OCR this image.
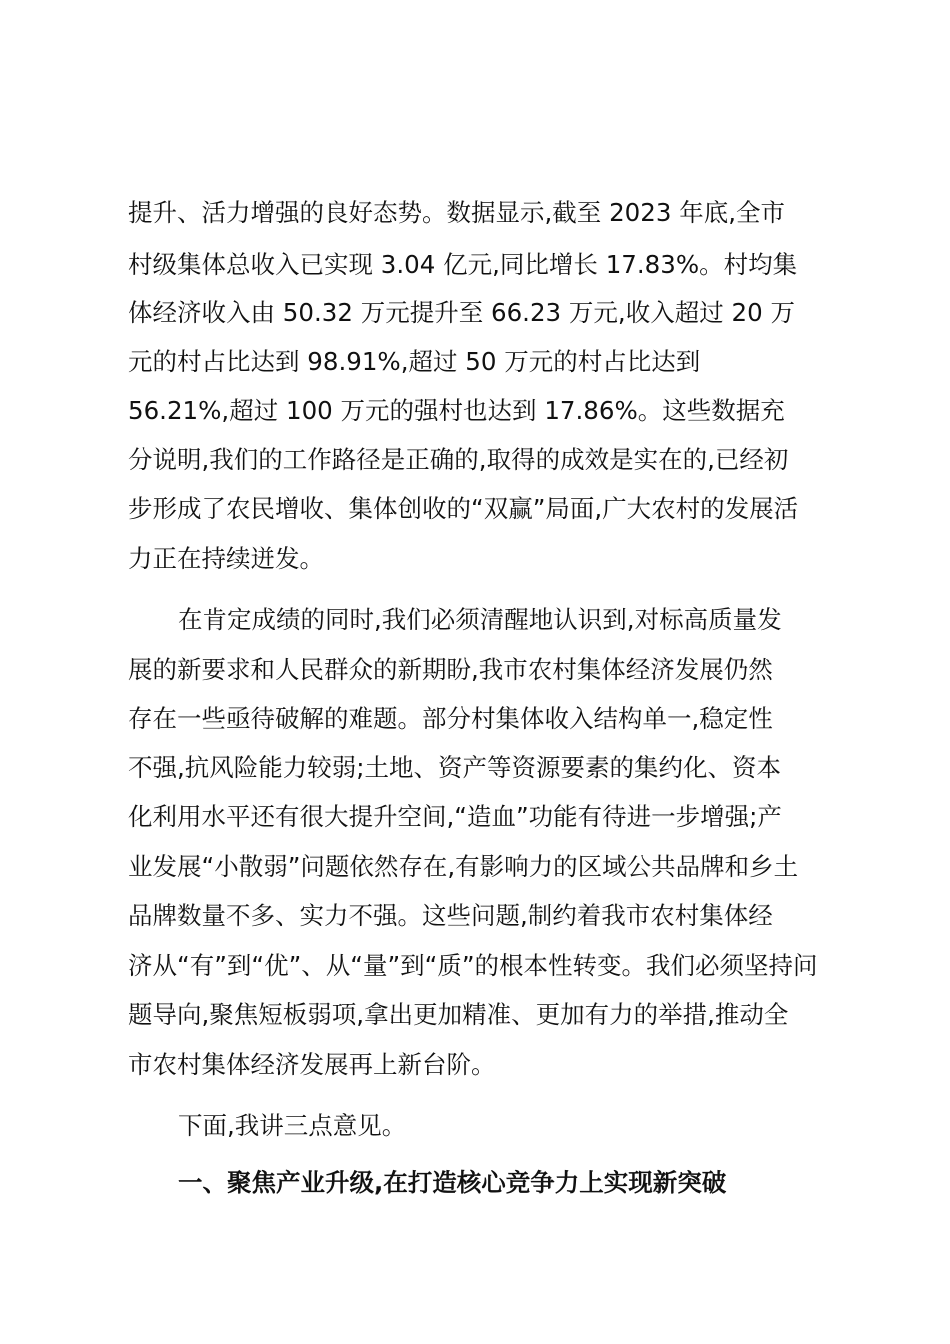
提升、活力增强的良好态势。数据显示,截至 2023 年底,全市
村级集体总收入已实现 3.04 亿元,同比增长 17.83%。村均集
体经济收入由 50.32 万元提升至 66.23 万元,收入超过 20 万
元的村占比达到 98.91%,超过 50 万元的村占比达到
56.21%,超过 100 万元的强村也达到 17.86%。这些数据充
分说明,我们的工作路径是正确的,取得的成效是实在的,已经初
步形成了农民增收、集体创收的“双赢”局面,广大农村的发展活
力正在持续迸发。
在肯定成绩的同时,我们必须清醒地认识到,对标高质量发
展的新要求和人民群众的新期盼,我市农村集体经济发展仍然
存在一些亟待破解的难题。部分村集体收入结构单一,稳定性
不强,抗风险能力较弱;土地、资产等资源要素的集约化、资本
化利用水平还有很大提升空间,“造血”功能有待进一步增强;产
业发展“小散弱”问题依然存在,有影响力的区域公共品牌和乡土
品牌数量不多、实力不强。这些问题,制约着我市农村集体经
济从“有”到“优”、从“量”到“质”的根本性转变。我们必须坚持问
题导向,聚焦短板弱项,拿出更加精准、更加有力的举措,推动全
市农村集体经济发展再上新台阶。
下面,我讲三点意见。
一、聚焦产业升级,在打造核心竞争力上实现新突破
